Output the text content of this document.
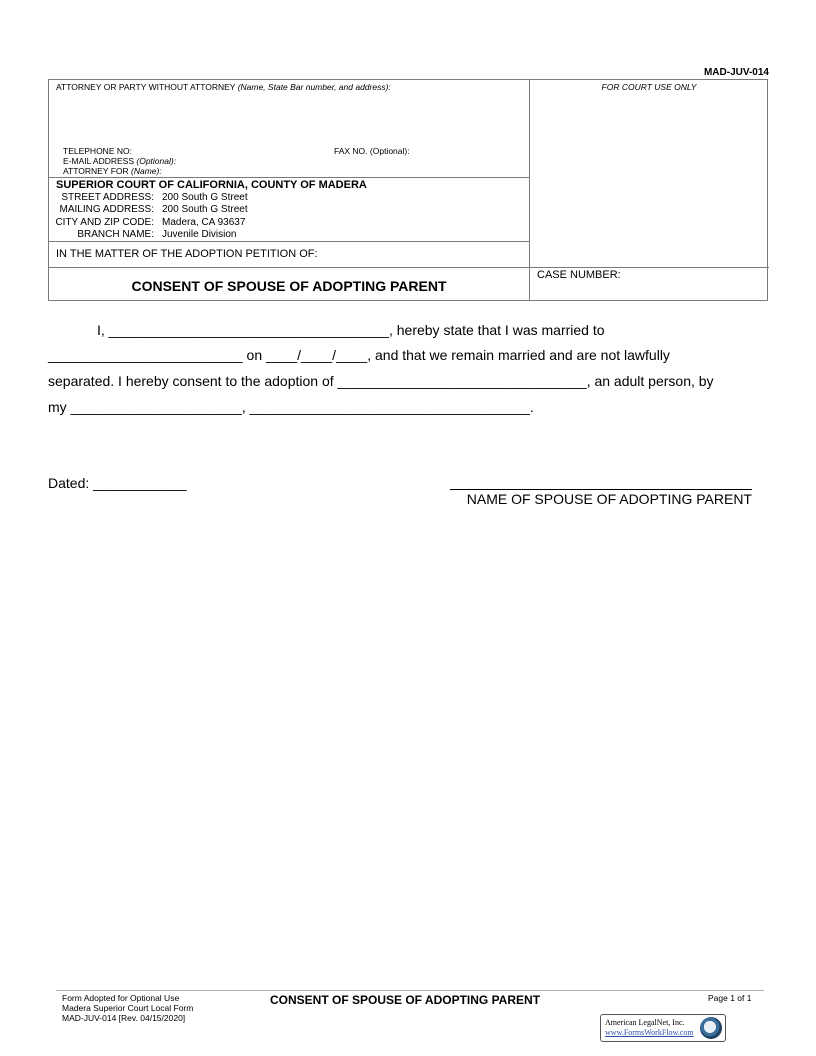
MAD-JUV-014
ATTORNEY OR PARTY WITHOUT ATTORNEY (Name, State Bar number, and address):
TELEPHONE NO:	FAX NO. (Optional):
E-MAIL ADDRESS (Optional):
ATTORNEY FOR (Name):
SUPERIOR COURT OF CALIFORNIA, COUNTY OF MADERA
STREET ADDRESS: 200 South G Street
MAILING ADDRESS: 200 South G Street
CITY AND ZIP CODE: Madera, CA 93637
BRANCH NAME: Juvenile Division
IN THE MATTER OF THE ADOPTION PETITION OF:
CONSENT OF SPOUSE OF ADOPTING PARENT
FOR COURT USE ONLY
CASE NUMBER:
I, ____________________________________, hereby state that I was married to
_________________________ on ____/____/____, and that we remain married and are not lawfully
separated. I hereby consent to the adoption of ________________________________, an adult person, by
my ______________________, ____________________________________.
Dated: ____________
NAME OF SPOUSE OF ADOPTING PARENT
Form Adopted for Optional Use
Madera Superior Court Local Form
MAD-JUV-014 [Rev. 04/15/2020]
CONSENT OF SPOUSE OF ADOPTING PARENT	Page 1 of 1
American LegalNet, Inc.
www.FormsWorkFlow.com
